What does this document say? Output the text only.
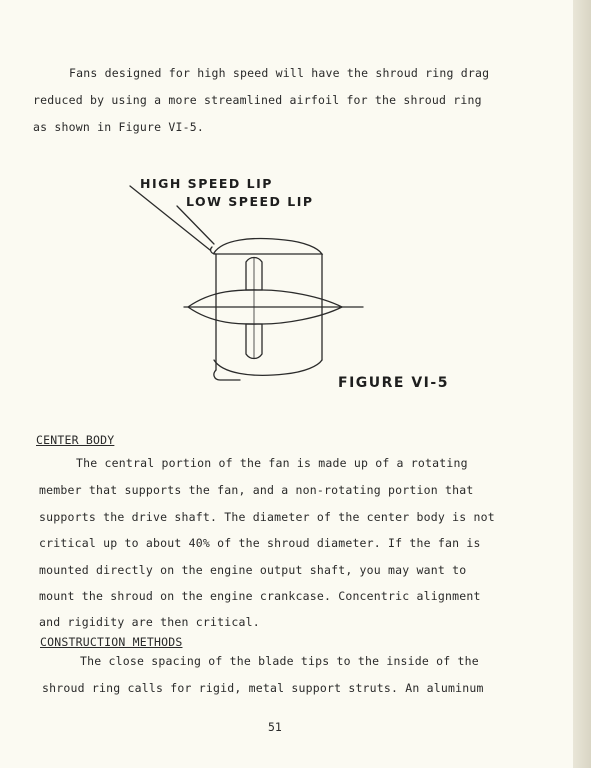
Fans designed for high speed will have the shroud ring drag
reduced by using a more streamlined airfoil for the shroud ring
as shown in Figure VI-5.
HIGH SPEED LIP
LOW SPEED LIP
FIGURE VI-5
CENTER BODY
The central portion of the fan is made up of a rotating
member that supports the fan, and a non-rotating portion that
supports the drive shaft. The diameter of the center body is not
critical up to about 40% of the shroud diameter. If the fan is
mounted directly on the engine output shaft, you may want to
mount the shroud on the engine crankcase. Concentric alignment
and rigidity are then critical.
CONSTRUCTION METHODS
The close spacing of the blade tips to the inside of the
shroud ring calls for rigid, metal support struts. An aluminum
51
